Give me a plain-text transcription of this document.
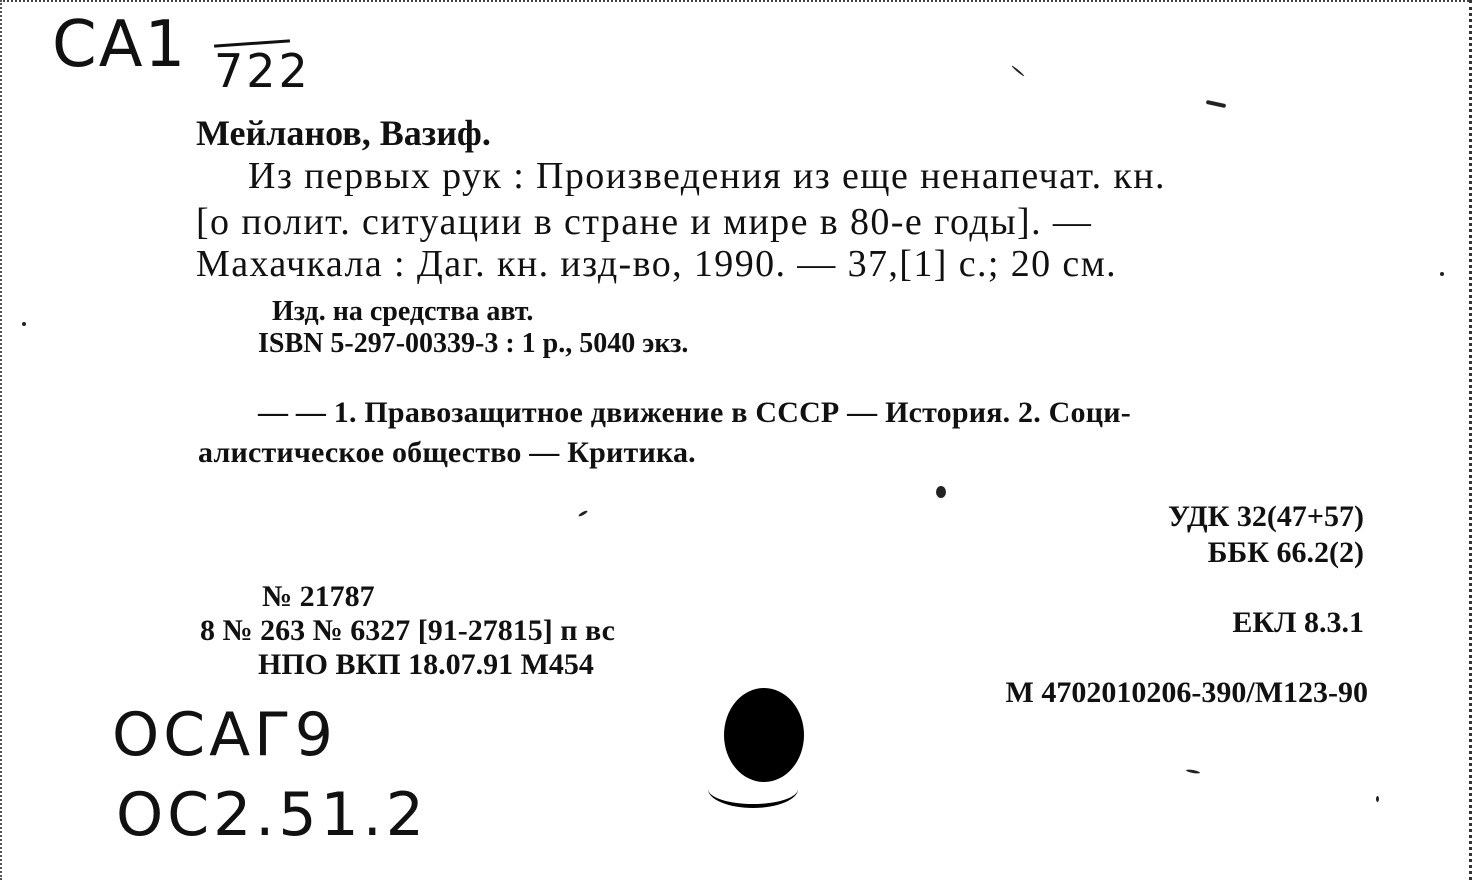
CA1 722
Мейланов, Вазиф.
Из первых рук : Произведения из еще ненапечат. кн.
[о полит. ситуации в стране и мире в 80-е годы]. —
Махачкала : Даг. кн. изд-во, 1990. — 37,[1] с.; 20 см.
Изд. на средства авт.
ISBN 5-297-00339-3 : 1 р., 5040 экз.
— — 1. Правозащитное движение в СССР — История. 2. Соци-
алистическое общество — Критика.
УДК 32(47+57)
ББК 66.2(2)
ЕКЛ 8.3.1
М 4702010206-390/М123-90
№ 21787
8 № 263 № 6327 [91-27815] п вс
НПО ВКП 18.07.91 М454
OCAГ9
OC2.51.2
